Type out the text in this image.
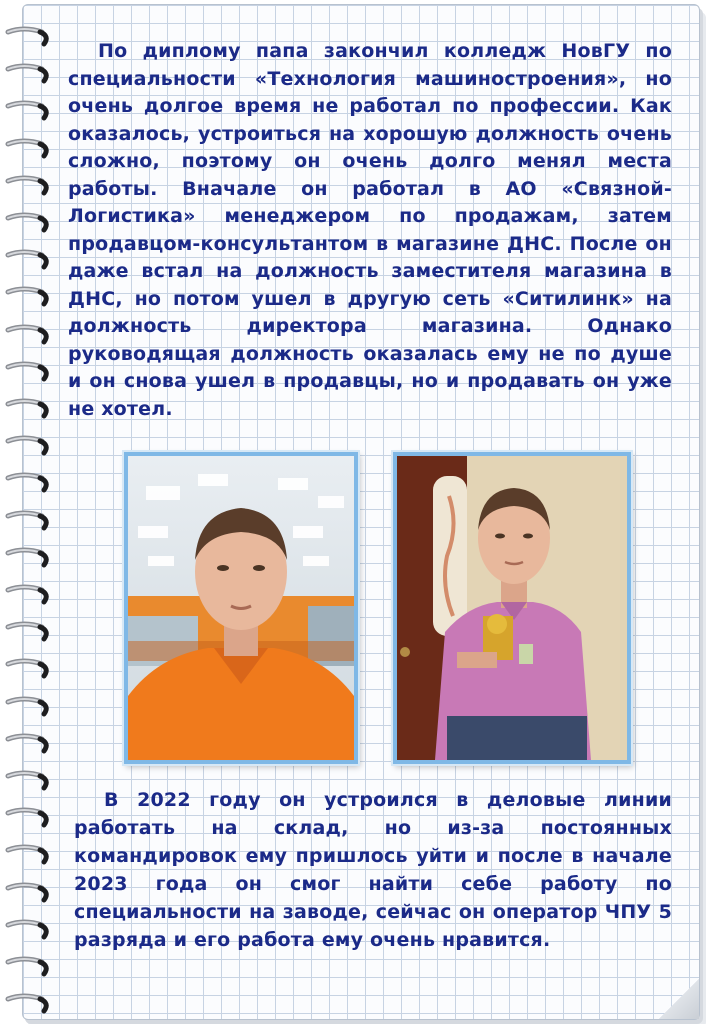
По диплому папа закончил колледж НовГУ по специальности «Технология машиностроения», но очень долгое время не работал по профессии. Как оказалось, устроиться на хорошую должность очень сложно, поэтому он очень долго менял места работы. Вначале он работал в АО «Связной-Логистика» менеджером по продажам, затем продавцом-консультантом в магазине ДНС. После он даже встал на должность заместителя магазина в ДНС, но потом ушел в другую сеть «Ситилинк» на должность директора магазина. Однако руководящая должность оказалась ему не по душе и он снова ушел в продавцы, но и продавать он уже не хотел.

В 2022 году он устроился в деловые линии работать на склад, но из-за постоянных командировок ему пришлось уйти и после в начале 2023 года он смог найти себе работу по специальности на заводе, сейчас он оператор ЧПУ 5 разряда и его работа ему очень нравится.
